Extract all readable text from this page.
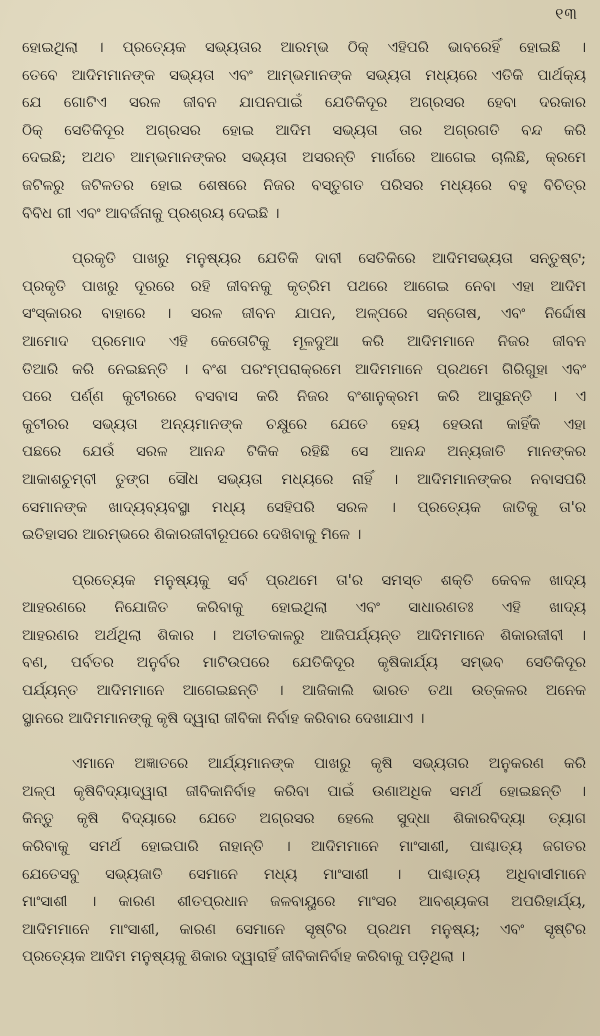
୧୩
ହୋଇଥିଲା । ପ୍ରତ୍ୟେକ ସଭ୍ୟତାର ଆରମ୍ଭ ଠିକ୍ ଏହିପରି ଭାବରେହିଁ ହୋଇଛି ।
ତେବେ ଆଦିମମାନଙ୍କ ସଭ୍ୟତା ଏବଂ ଆମ୍ଭମାନଙ୍କ ସଭ୍ୟତା ମଧ୍ୟରେ ଏତିକି ପାର୍ଥକ୍ୟ
ଯେ ଗୋଟିଏ ସରଳ ଜୀବନ ଯାପନପାଇଁ ଯେତିକିଦୂର ଅଗ୍ରସର ହେବା ଦରକାର
ଠିକ୍ ସେତିକିଦୂର ଅଗ୍ରସର ହୋଇ ଆଦିମ ସଭ୍ୟତା ତାର ଅଗ୍ରଗତି ବନ୍ଦ କରି
ଦେଇଛି; ଅଥଚ ଆମ୍ଭମାନଙ୍କର ସଭ୍ୟତା ଅସରନ୍ତି ମାର୍ଗରେ ଆଗେଇ ଚାଲିଛି, କ୍ରମେ
ଜଟିଳରୁ ଜଟିଳତର ହୋଇ ଶେଷରେ ନିଜର ବସ୍ତୁଗତ ପରିସର ମଧ୍ୟରେ ବହୁ ବିଚିତ୍ର
ବିବିଧ ଗୀ ଏବଂ ଆବର୍ଜନାକୁ ପ୍ରଶ୍ରୟ ଦେଇଛି ।
ପ୍ରକୃତି ପାଖରୁ ମନୁଷ୍ୟର ଯେତିକି ଦାବୀ ସେତିକିରେ ଆଦିମସଭ୍ୟତା ସନ୍ତୁଷ୍ଟ;
ପ୍ରକୃତି ପାଖରୁ ଦୂରରେ ରହି ଜୀବନକୁ କୃତ୍ରିମ ପଥରେ ଆଗେଇ ନେବା ଏହା ଆଦିମ
ସଂସ୍କାରର ବାହାରେ । ସରଳ ଜୀବନ ଯାପନ, ଅଳ୍ପରେ ସନ୍ତୋଷ, ଏବଂ ନିର୍ଦ୍ଦୋଷ
ଆମୋଦ ପ୍ରମୋଦ ଏହି କେତୋଟିକୁ ମୂଳଦୁଆ କରି ଆଦିମମାନେ ନିଜର ଜୀବନ
ତିଆରି କରି ନେଇଛନ୍ତି । ବଂଶ ପରଂମ୍ପରାକ୍ରମେ ଆଦିମମାନେ ପ୍ରଥମେ ଗିରିଗୁହା ଏବଂ
ପରେ ପର୍ଣ୍ଣ କୁଟୀରରେ ବସବାସ କରି ନିଜର ବଂଶାନୁକ୍ରମ କରି ଆସୁଛନ୍ତି । ଏ
କୁଟୀରର ସଭ୍ୟତା ଅନ୍ୟମାନଙ୍କ ଚକ୍ଷୁରେ ଯେତେ ହେୟ ହେଉନା କାହିଁକି ଏହା
ପଛରେ ଯେଉଁ ସରଳ ଆନନ୍ଦ ଟିକିକ ରହିଛି ସେ ଆନନ୍ଦ ଅନ୍ୟଜାତି ମାନଙ୍କର
ଆକାଶଚୁମ୍ବୀ ତୁଙ୍ଗ ସୌଧ ସଭ୍ୟତା ମଧ୍ୟରେ ନାହିଁ । ଆଦିମମାନଙ୍କର ନବାସପରି
ସେମାନଙ୍କ ଖାଦ୍ୟବ୍ୟବସ୍ଥା ମଧ୍ୟ ସେହିପରି ସରଳ । ପ୍ରତ୍ୟେକ ଜାତିକୁ ତା'ର
ଇତିହାସର ଆରମ୍ଭରେ ଶିକାରଜୀବୀରୂପରେ ଦେଖିବାକୁ ମିଳେ ।
ପ୍ରତ୍ୟେକ ମନୁଷ୍ୟକୁ ସର୍ବ ପ୍ରଥମେ ତା'ର ସମସ୍ତ ଶକ୍ତି କେବଳ ଖାଦ୍ୟ
ଆହରଣରେ ନିଯୋଜିତ କରିବାକୁ ହୋଇଥିଲା ଏବଂ ସାଧାରଣତଃ ଏହି ଖାଦ୍ୟ
ଆହରଣର ଅର୍ଥଥିଲା ଶିକାର । ଅତୀତକାଳରୁ ଆଜିପର୍ଯ୍ୟନ୍ତ ଆଦିମମାନେ ଶିକାରଜୀବୀ ।
ବଣ, ପର୍ବତର ଅନୁର୍ବର ମାଟିଉପରେ ଯେତିକିଦୂର କୃଷିକାର୍ଯ୍ୟ ସମ୍ଭବ ସେତିକିଦୂର
ପର୍ଯ୍ୟନ୍ତ ଆଦିମମାନେ ଆଗେଇଛନ୍ତି । ଆଜିକାଲି ଭାରତ ତଥା ଉତ୍କଳର ଅନେକ
ସ୍ଥାନରେ ଆଦିମମାନଙ୍କୁ କୃଷି ଦ୍ୱାରା ଜୀବିକା ନିର୍ବାହ କରିବାର ଦେଖାଯାଏ ।
ଏମାନେ ଅଜ୍ଞାତରେ ଆର୍ଯ୍ୟମାନଙ୍କ ପାଖରୁ କୃଷି ସଭ୍ୟତାର ଅନୁକରଣ କରି
ଅଳ୍ପ କୃଷିବିଦ୍ୟାଦ୍ୱାରା ଜୀବିକାନିର୍ବାହ କରିବା ପାଇଁ ଉଣାଅଧିକ ସମର୍ଥ ହୋଇଛନ୍ତି ।
କିନ୍ତୁ କୃଷି ବିଦ୍ୟାରେ ଯେତେ ଅଗ୍ରସର ହେଲେ ସୁଦ୍ଧା ଶିକାରବିଦ୍ୟା ତ୍ୟାଗ
କରିବାକୁ ସମର୍ଥ ହୋଇପାରି ନାହାନ୍ତି । ଆଦିମମାନେ ମାଂସାଶୀ, ପାଶ୍ଚାତ୍ୟ ଜଗତର
ଯେତେସବୁ ସଭ୍ୟଜାତି ସେମାନେ ମଧ୍ୟ ମାଂସାଶୀ । ପାଶ୍ଚାତ୍ୟ ଅଧିବାସୀମାନେ
ମାଂସାଶୀ । କାରଣ ଶୀତପ୍ରଧାନ ଜଳବାୟୁରେ ମାଂସର ଆବଶ୍ୟକତା ଅପରିହାର୍ଯ୍ୟ,
ଆଦିମମାନେ ମାଂସାଶୀ, କାରଣ ସେମାନେ ସୃଷ୍ଟିର ପ୍ରଥମ ମନୁଷ୍ୟ; ଏବଂ ସୃଷ୍ଟିର
ପ୍ରତ୍ୟେକ ଆଦିମ ମନୁଷ୍ୟକୁ ଶିକାର ଦ୍ୱାରାହିଁ ଜୀବିକାନିର୍ବାହ କରିବାକୁ ପଡ଼ିଥିଲା ।
